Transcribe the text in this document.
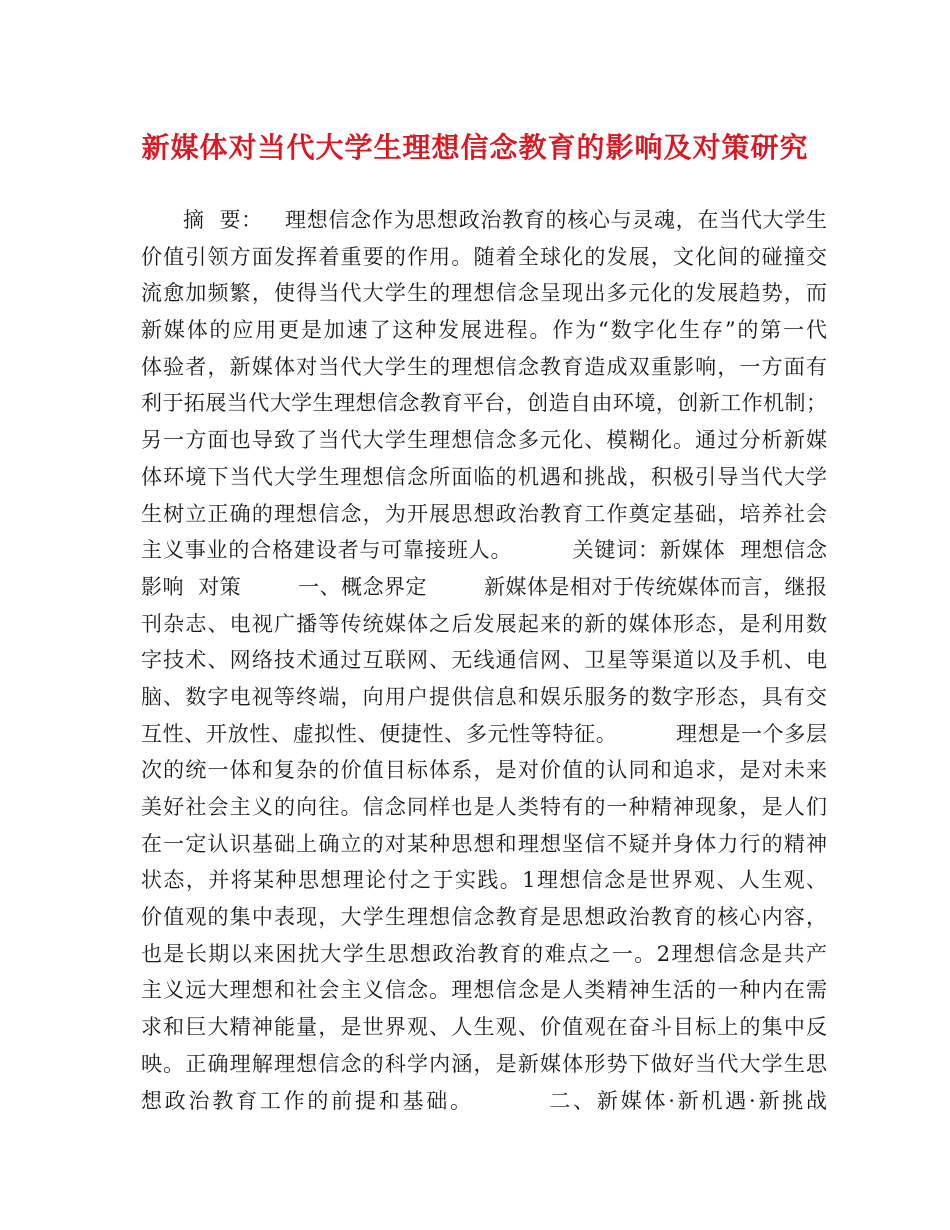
新媒体对当代大学生理想信念教育的影响及对策研究
摘  要：   理想信念作为思想政治教育的核心与灵魂，在当代大学生
价值引领方面发挥着重要的作用。随着全球化的发展，文化间的碰撞交
流愈加频繁，使得当代大学生的理想信念呈现出多元化的发展趋势，而
新媒体的应用更是加速了这种发展进程。作为“数字化生存”的第一代
体验者，新媒体对当代大学生的理想信念教育造成双重影响，一方面有
利于拓展当代大学生理想信念教育平台，创造自由环境，创新工作机制；
另一方面也导致了当代大学生理想信念多元化、模糊化。通过分析新媒
体环境下当代大学生理想信念所面临的机遇和挑战，积极引导当代大学
生树立正确的理想信念，为开展思想政治教育工作奠定基础，培养社会
主义事业的合格建设者与可靠接班人。        关键词：新媒体  理想信念
影响  对策        一、概念界定        新媒体是相对于传统媒体而言，继报
刊杂志、电视广播等传统媒体之后发展起来的新的媒体形态，是利用数
字技术、网络技术通过互联网、无线通信网、卫星等渠道以及手机、电
脑、数字电视等终端，向用户提供信息和娱乐服务的数字形态，具有交
互性、开放性、虚拟性、便捷性、多元性等特征。        理想是一个多层
次的统一体和复杂的价值目标体系，是对价值的认同和追求，是对未来
美好社会主义的向往。信念同样也是人类特有的一种精神现象，是人们
在一定认识基础上确立的对某种思想和理想坚信不疑并身体力行的精神
状态，并将某种思想理论付之于实践。1理想信念是世界观、人生观、
价值观的集中表现，大学生理想信念教育是思想政治教育的核心内容，
也是长期以来困扰大学生思想政治教育的难点之一。2理想信念是共产
主义远大理想和社会主义信念。理想信念是人类精神生活的一种内在需
求和巨大精神能量，是世界观、人生观、价值观在奋斗目标上的集中反
映。正确理解理想信念的科学内涵，是新媒体形势下做好当代大学生思
想政治教育工作的前提和基础。        二、新媒体·新机遇·新挑战
